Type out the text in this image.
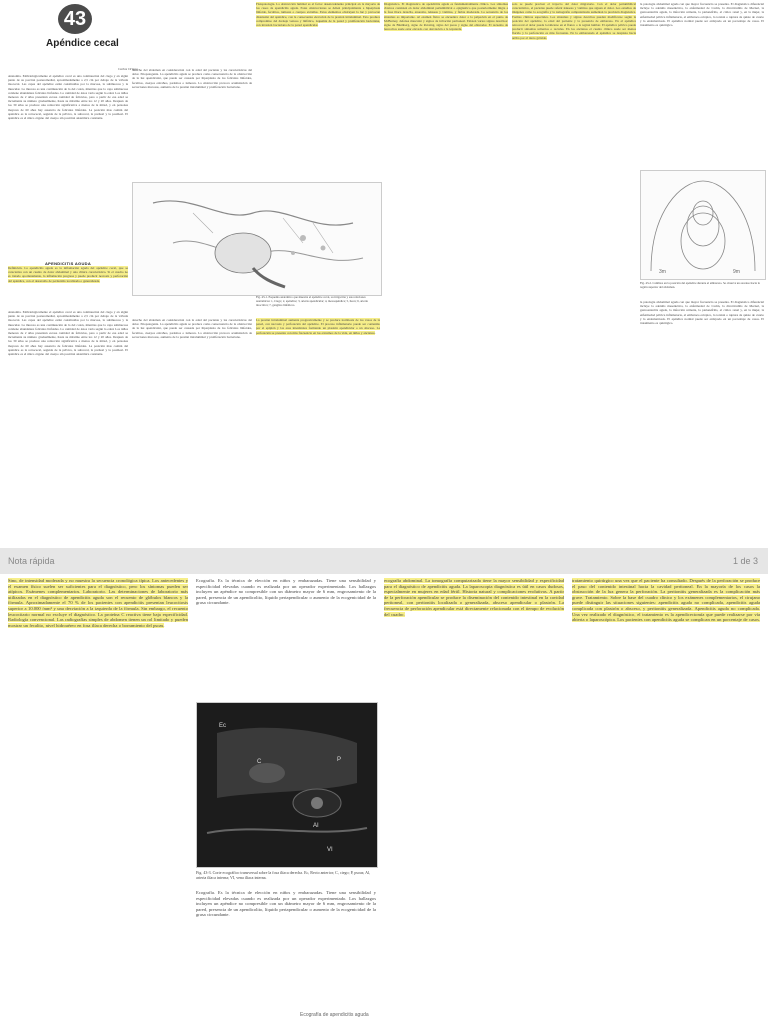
43
Apéndice cecal
Carlos Ortega
Anatomía. Embriológicamente el apéndice cecal es una continuación del ciego y en algún punto de su porción posteromedial, aproximadamente a 2,5 cm por debajo de la válvula ileocecal. Las capas del apéndice están constituidas por la mucosa, la submucosa y la muscular. La mucosa es una continuación de la del colon, mientras que la capa submucosa contiene abundantes folículos linfoides. La cantidad de éstos varía según la edad. Los niños menores de 2 años presentan escasa cantidad de folículos, pero a partir de esa edad se incrementa su número gradualmente, hasta su máximo entre los 12 y 20 años. Después de los 30 años se produce una reducción significativa a menos de la mitad, y en personas mayores de 60 años hay ausencia de folículos linfoides. La posición mas común del apéndice es la retrocecal, seguida de la pélvica, la subcecal, la preileal y la postileal. El apéndice es el único órgano del cuerpo sin posición anatómica constante.
APENDICITIS AGUDA
Definición. La apendicitis aguda es la inflamación aguda del apéndice cecal, que se caracteriza con un cuadro de dolor abdominal y una clínica característica. Si el cuadro no es tratado oportunamente, la inflamación progresa y puede producir necrosis y perforación del apéndice, con el desarrollo de peritonitis localizada o generalizada.
derecho del abdomen en consideración con la edad del paciente y las características del dolor. Etiopatogenia. La apendicitis aguda se produce como consecuencia de la obstrucción de la luz apendicular, que puede ser causada por hiperplasia de los folículos linfoides, fecalitos, cuerpos extraños, parásitos o tumores. La obstrucción provoca acumulación de secreciones mucosas, aumento de la presión intraluminal y proliferación bacteriana.
Fisiopatología. La obstrucción luminal es el factor desencadenante principal en la mayoría de los casos de apendicitis aguda. Estas obstrucciones se deben principalmente a hiperplasia linfoide, fecalitos, tumores o cuerpos extraños. Estos elementos obstruyen la luz y provocan distensión del apéndice, con la consecuente elevación de la presión intraluminal. Esto produce compromiso del drenaje venoso y linfático, isquemia de la pared y proliferación bacteriana, con invasión bacteriana de la pared apendicular.
Fig. 43-1. Esquema anatómico que muestra el apéndice cecal, su irrigación y sus relaciones anatómicas: 1, Ciego; 2, apéndice; 3, arteria apendicular; 4, mesoapéndice; 5, íleon; 6, arteria ileocólica; 7, ganglios linfáticos.
La presión intraluminal aumenta progresivamente y se produce trombosis de los vasos de la pared, con necrosis y perforación del apéndice. El proceso inflamatorio puede ser contenido por el epiplón y las asas intestinales formando un plastrón apendicular o un absceso. La perforación se presenta con más frecuencia en los extremos de la vida, en niños y ancianos.
derecho del abdomen en consideración con la edad del paciente y las características del dolor. Etiopatogenia. La apendicitis aguda se produce como consecuencia de la obstrucción de la luz apendicular, que puede ser causada por hiperplasia de los folículos linfoides, fecalitos, cuerpos extraños, parásitos o tumores. La obstrucción provoca acumulación de secreciones mucosas, aumento de la presión intraluminal y proliferación bacteriana.
Anatomía. Embriológicamente el apéndice cecal es una continuación del ciego y en algún punto de su porción posteromedial, aproximadamente a 2,5 cm por debajo de la válvula ileocecal. Las capas del apéndice están constituidas por la mucosa, la submucosa y la muscular. La mucosa es una continuación de la del colon, mientras que la capa submucosa contiene abundantes folículos linfoides. La cantidad de éstos varía según la edad. Los niños menores de 2 años presentan escasa cantidad de folículos, pero a partir de esa edad se incrementa su número gradualmente, hasta su máximo entre los 12 y 20 años. Después de los 30 años se produce una reducción significativa a menos de la mitad, y en personas mayores de 60 años hay ausencia de folículos linfoides. La posición mas común del apéndice es la retrocecal, seguida de la pélvica, la subcecal, la preileal y la postileal. El apéndice es el único órgano del cuerpo sin posición anatómica constante.
Diagnóstico. El diagnóstico de apendicitis aguda es fundamentalmente clínico. Los síntomas clásicos consisten en dolor abdominal periumbilical o epigástrico que posteriormente migra a la fosa ilíaca derecha, anorexia, náuseas y vómitos, y fiebre moderada. La secuencia de los síntomas es importante. Al examen físico se encuentra dolor a la palpación en el punto de McBurney, defensa muscular y signos de irritación peritoneal. Existen varios signos descritos: signo de Blumberg, signo de Rovsing, signo del psoas y signo del obturador. El recuento de leucocitos suele estar elevado con desviación a la izquierda.
solo se puede precisar el trayecto del dolor migratorio. Con el dolor periumbilical característico, el paciente puede referir náuseas y vómitos que siguen al dolor. Los estudios de imágenes como la ecografía y la tomografía computarizada aumentan la precisión diagnóstica. Formas clínicas especiales. Los síntomas y signos descritos pueden modificarse según la posición del apéndice, la edad del paciente y la presencia de embarazo. En el apéndice retrocecal el dolor puede localizarse en el flanco o la región lumbar. El apéndice pélvico puede producir síntomas urinarios o rectales. En los ancianos el cuadro clínico suele ser menos florido y la perforación es más frecuente. En la embarazada el apéndice se desplaza hacia arriba por el útero grávido.
la patología abdominal aguda con que mayor frecuencia se presenta. El diagnóstico diferencial incluye la adenitis mesentérica, la enfermedad de Crohn, la diverticulitis de Meckel, la gastroenteritis aguda, la infección urinaria, la pielonefritis, el cólico renal y, en la mujer, la enfermedad pélvica inflamatoria, el embarazo ectópico, la torsión o ruptura de quiste de ovario y la endometriosis. El apéndice normal puede ser extirpado en un porcentaje de casos. El tratamiento es quirúrgico.
3m	9m
Fig. 43-2. Cambios en la posición del apéndice durante el embarazo. Se observa un ascenso hacia la región superior del abdomen.
la patología abdominal aguda con que mayor frecuencia se presenta. El diagnóstico diferencial incluye la adenitis mesentérica, la enfermedad de Crohn, la diverticulitis de Meckel, la gastroenteritis aguda, la infección urinaria, la pielonefritis, el cólico renal y, en la mujer, la enfermedad pélvica inflamatoria, el embarazo ectópico, la torsión o ruptura de quiste de ovario y la endometriosis. El apéndice normal puede ser extirpado en un porcentaje de casos. El tratamiento es quirúrgico.
Nota rápida	1 de 3
Sino, de intensidad moderada y no muestra la secuencia cronológica típica. Los antecedentes y el examen físico suelen ser suficientes para el diagnóstico, pero los síntomas pueden ser atípicos. Exámenes complementarios. Laboratorio. Las determinaciones de laboratorio más utilizadas en el diagnóstico de apendicitis aguda son el recuento de glóbulos blancos y la fórmula. Aproximadamente el 70 % de los pacientes con apendicitis presentan leucocitosis superior a 10.000 /mm³ y una desviación a la izquierda de la fórmula. Sin embargo, el recuento leucocitario normal no excluye el diagnóstico. La proteína C reactiva tiene baja especificidad. Radiología convencional. Las radiografías simples de abdomen tienen un rol limitado y pueden mostrar un fecalito, nivel hidroaéreo en fosa ilíaca derecha o borramiento del psoas.
Ecografía. Es la técnica de elección en niños y embarazadas. Tiene una sensibilidad y especificidad elevadas cuando es realizada por un operador experimentado. Los hallazgos incluyen un apéndice no compresible con un diámetro mayor de 6 mm, engrosamiento de la pared, presencia de un apendicolito, líquido periapendicular o aumento de la ecogenicidad de la grasa circundante.
Ec
C	P
AI
VI
Fig. 43-3. Corte ecográfico transversal sobre la fosa ilíaca derecha. Ec, Recto anterior; C, ciego; P, psoas; Al, arteria ilíaca interna; VI, vena ilíaca interna.
Ecografía. Es la técnica de elección en niños y embarazadas. Tiene una sensibilidad y especificidad elevadas cuando es realizada por un operador experimentado. Los hallazgos incluyen un apéndice no compresible con un diámetro mayor de 6 mm, engrosamiento de la pared, presencia de un apendicolito, líquido periapendicular o aumento de la ecogenicidad de la grasa circundante.
ecografía abdominal. La tomografía computarizada tiene la mayor sensibilidad y especificidad para el diagnóstico de apendicitis aguda. La laparoscopia diagnóstica es útil en casos dudosos, especialmente en mujeres en edad fértil. Historia natural y complicaciones evolutivas. A partir de la perforación apendicular se produce la diseminación del contenido intestinal en la cavidad peritoneal, con peritonitis localizada o generalizada, absceso apendicular o plastrón. La frecuencia de perforación apendicular está directamente relacionada con el tiempo de evolución del cuadro.
tratamiento quirúrgico una vez que el paciente ha consultado. Después de la perforación se produce el paso del contenido intestinal hacia la cavidad peritoneal. En la mayoría de los casos la obstrucción de la luz genera la perforación. La peritonitis generalizada es la complicación más grave. Tratamiento. Sobre la base del cuadro clínico y los exámenes complementarios, el cirujano puede distinguir las situaciones siguientes: apendicitis aguda no complicada, apendicitis aguda complicada con plastrón o absceso, y peritonitis generalizada. Apendicitis aguda no complicada. Una vez realizado el diagnóstico, el tratamiento es la apendicectomía que puede realizarse por vía abierta o laparoscópica. Los pacientes con apendicitis aguda se complican en un porcentaje de casos.
Ecografía de apendicitis aguda
